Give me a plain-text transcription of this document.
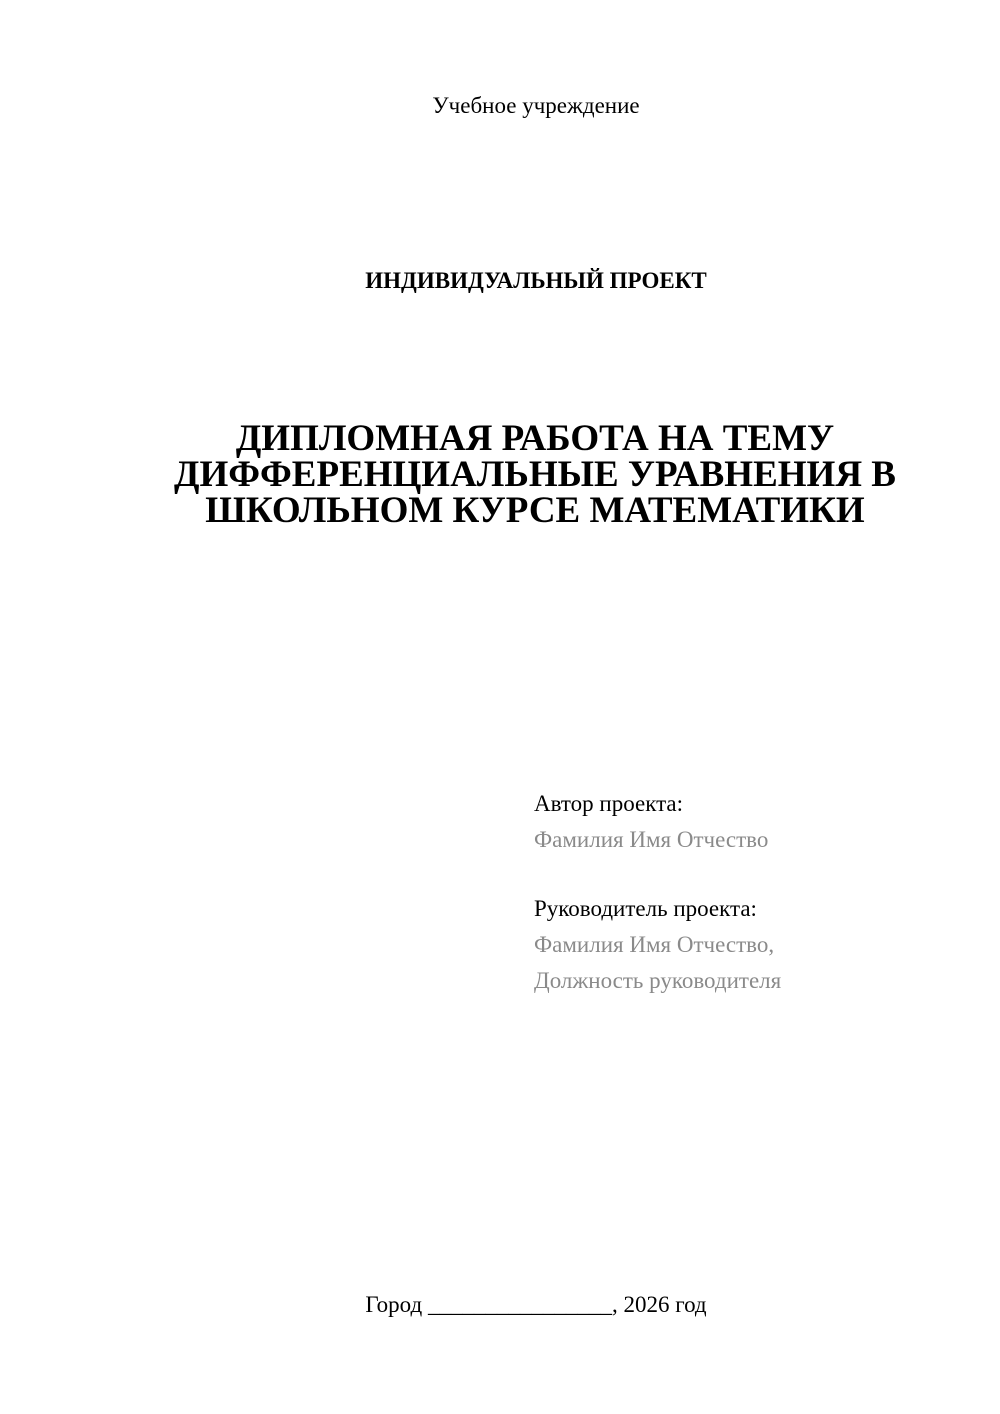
Учебное учреждение
ИНДИВИДУАЛЬНЫЙ ПРОЕКТ
ДИПЛОМНАЯ РАБОТА НА ТЕМУ
ДИФФЕРЕНЦИАЛЬНЫЕ УРАВНЕНИЯ В
ШКОЛЬНОМ КУРСЕ МАТЕМАТИКИ
Автор проекта:
Фамилия Имя Отчество
Руководитель проекта:
Фамилия Имя Отчество,
Должность руководителя
Город ________________, 2026 год
